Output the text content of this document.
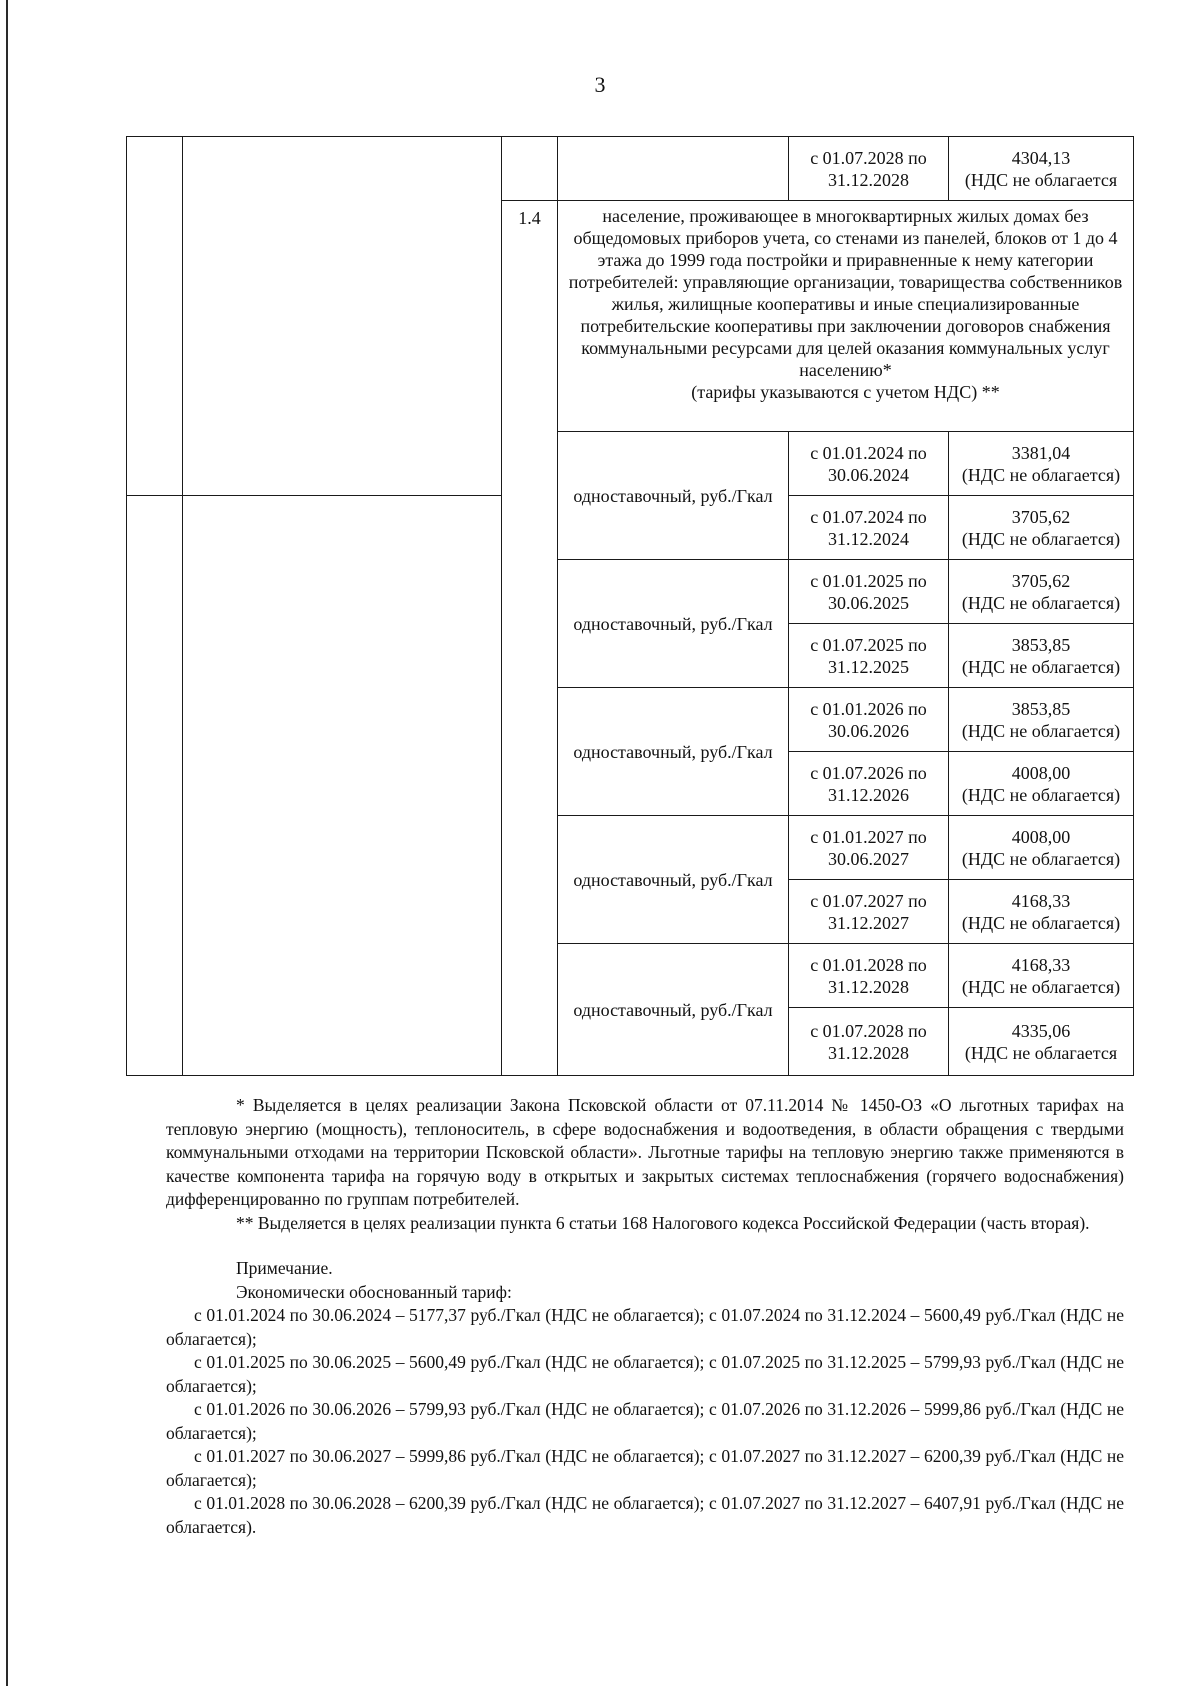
3
				с 01.07.2028 по 31.12.2028	4304,13
(НДС не облагается
		1.4	население, проживающее в многоквартирных жилых домах без общедомовых приборов учета, со стенами из панелей, блоков от 1 до 4 этажа до 1999 года постройки и приравненные к нему категории потребителей: управляющие организации, товарищества собственников жилья, жилищные кооперативы и иные специализированные потребительские кооперативы при заключении договоров снабжения коммунальными ресурсами для целей оказания коммунальных услуг населению*
(тарифы указываются с учетом НДС) **		
			одноставочный, руб./Гкал	с 01.01.2024 по 30.06.2024	3381,04
(НДС не облагается)
				с 01.07.2024 по 31.12.2024	3705,62
(НДС не облагается)
			одноставочный, руб./Гкал	с 01.01.2025 по 30.06.2025	3705,62
(НДС не облагается)
				с 01.07.2025 по 31.12.2025	3853,85
(НДС не облагается)
			одноставочный, руб./Гкал	с 01.01.2026 по 30.06.2026	3853,85
(НДС не облагается)
				с 01.07.2026 по 31.12.2026	4008,00
(НДС не облагается)
			одноставочный, руб./Гкал	с 01.01.2027 по 30.06.2027	4008,00
(НДС не облагается)
				с 01.07.2027 по 31.12.2027	4168,33
(НДС не облагается)
			одноставочный, руб./Гкал	с 01.01.2028 по 31.12.2028	4168,33
(НДС не облагается)
				с 01.07.2028 по 31.12.2028	4335,06
(НДС не облагается

* Выделяется в целях реализации Закона Псковской области от 07.11.2014 № 1450-ОЗ «О льготных тарифах на тепловую энергию (мощность), теплоноситель, в сфере водоснабжения и водоотведения, в области обращения с твердыми коммунальными отходами на территории Псковской области». Льготные тарифы на тепловую энергию также применяются в качестве компонента тарифа на горячую воду в открытых и закрытых системах теплоснабжения (горячего водоснабжения) дифференцированно по группам потребителей.

** Выделяется в целях реализации пункта 6 статьи 168 Налогового кодекса Российской Федерации (часть вторая).

Примечание.

Экономически обоснованный тариф:

с 01.01.2024 по 30.06.2024 – 5177,37 руб./Гкал (НДС не облагается); с 01.07.2024 по 31.12.2024 – 5600,49 руб./Гкал (НДС не облагается);

с 01.01.2025 по 30.06.2025 – 5600,49 руб./Гкал (НДС не облагается); с 01.07.2025 по 31.12.2025 – 5799,93 руб./Гкал (НДС не облагается);

с 01.01.2026 по 30.06.2026 – 5799,93 руб./Гкал (НДС не облагается); с 01.07.2026 по 31.12.2026 – 5999,86 руб./Гкал (НДС не облагается);

с 01.01.2027 по 30.06.2027 – 5999,86 руб./Гкал (НДС не облагается); с 01.07.2027 по 31.12.2027 – 6200,39 руб./Гкал (НДС не облагается);

с 01.01.2028 по 30.06.2028 – 6200,39 руб./Гкал (НДС не облагается); с 01.07.2027 по 31.12.2027 – 6407,91 руб./Гкал (НДС не облагается).
